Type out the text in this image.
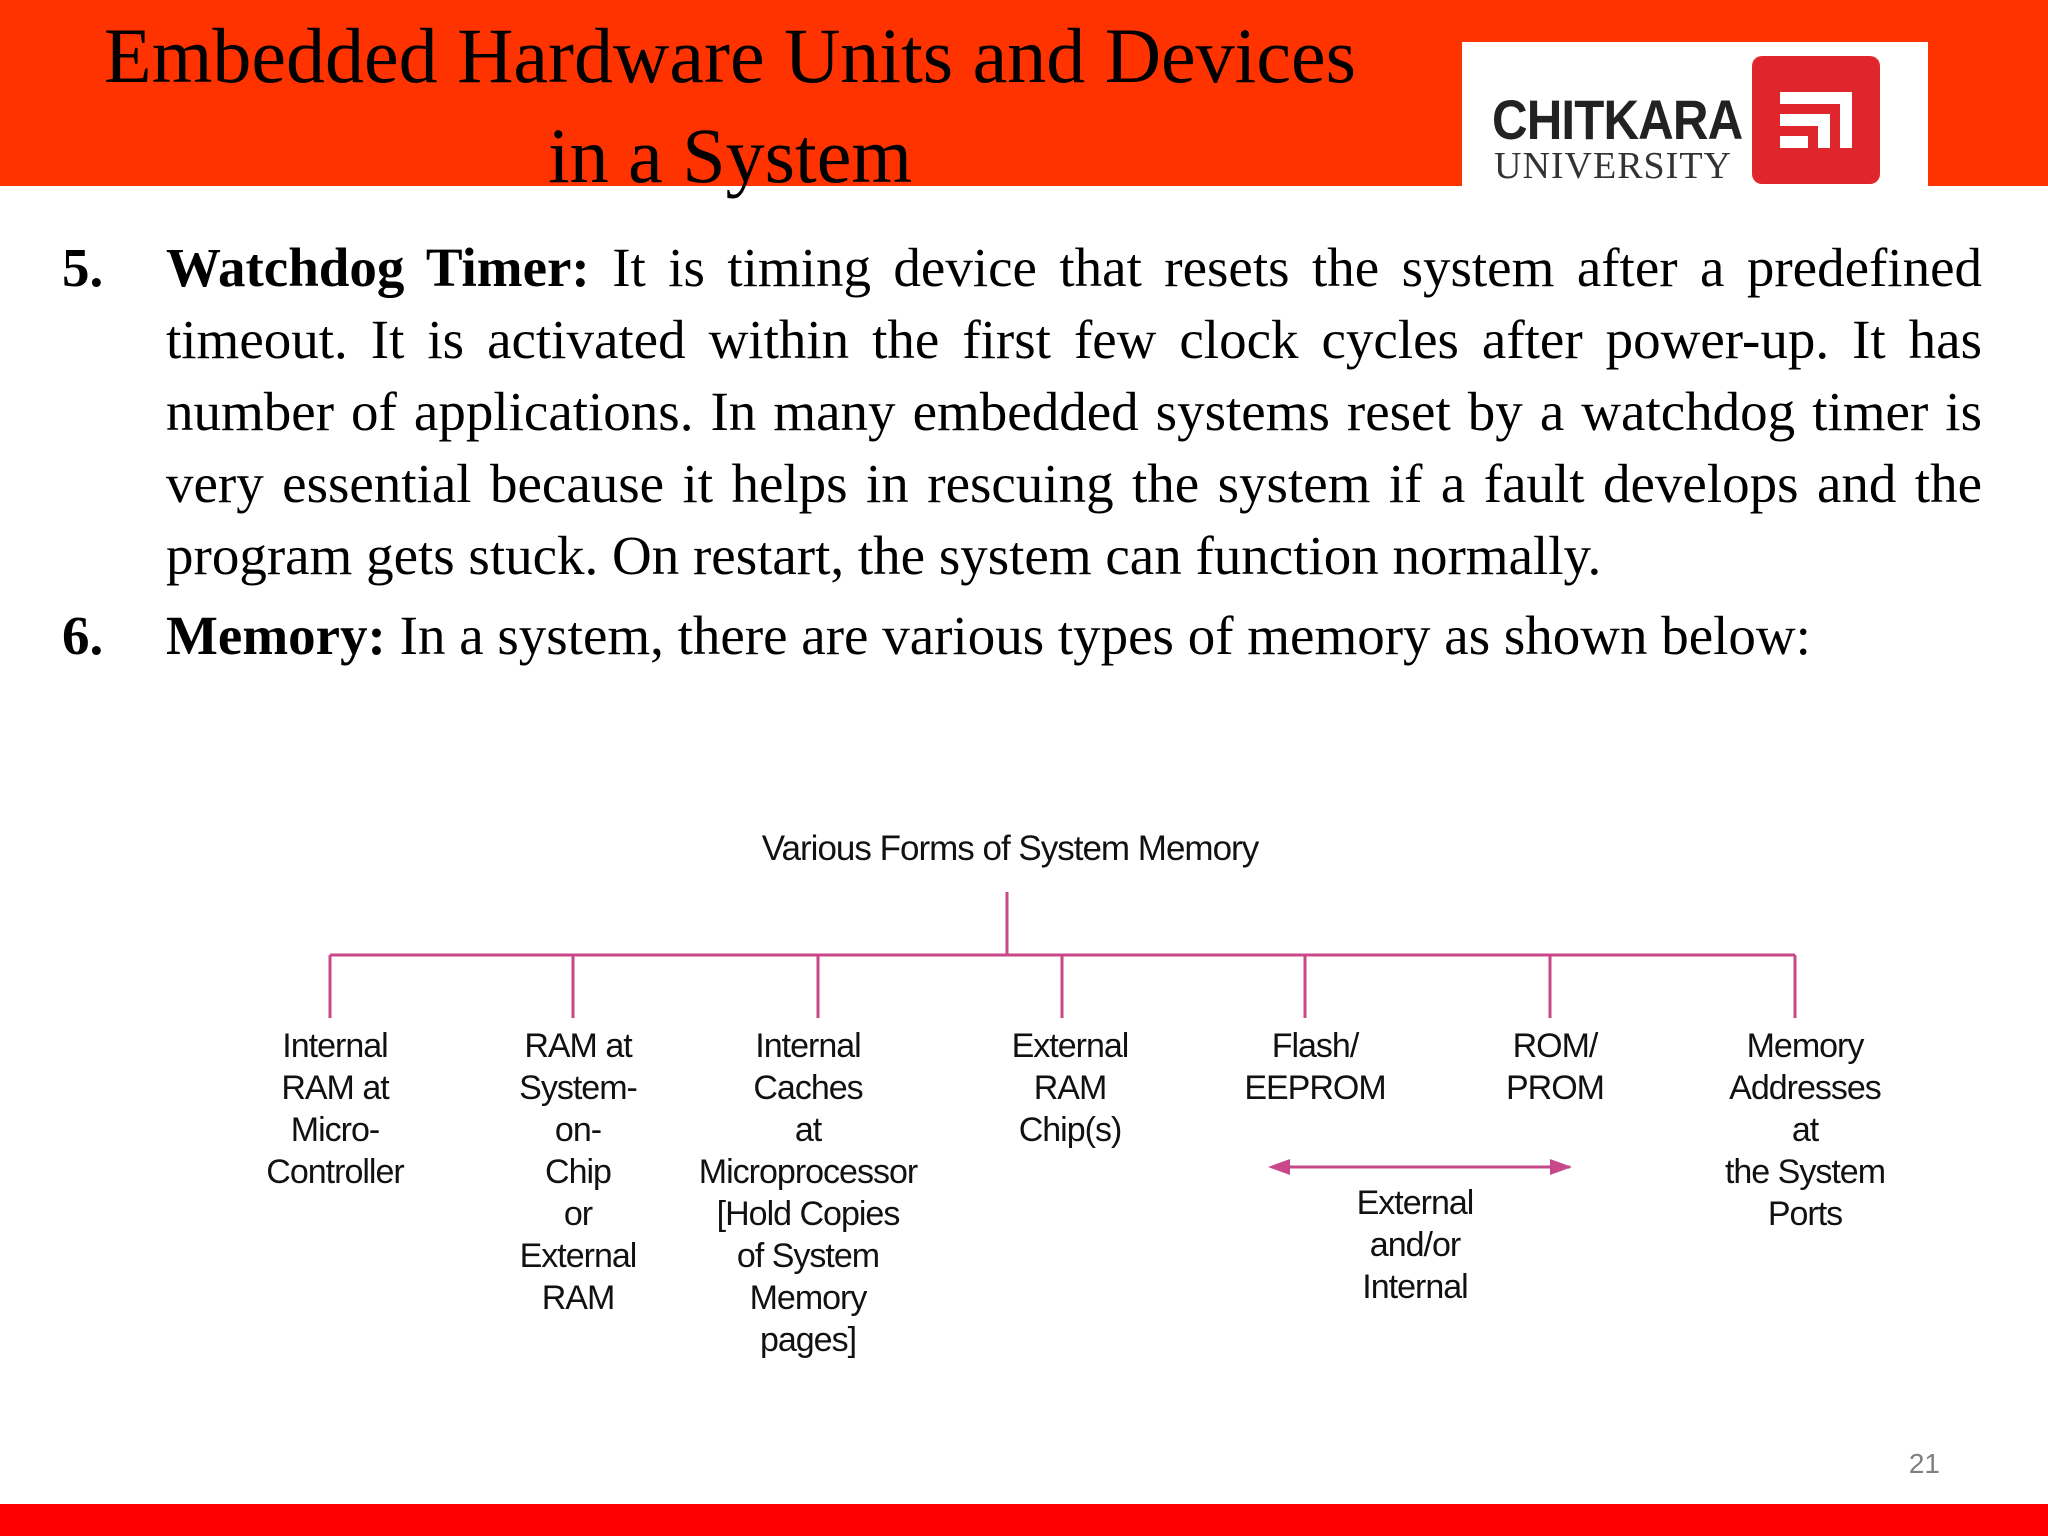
Embedded Hardware Units and Devices
in a System	CHITKARA
UNIVERSITY
5. Watchdog Timer: It is timing device that resets the system after a predefined timeout. It is activated within the first few clock cycles after power-up. It has number of applications. In many embedded systems reset by a watchdog timer is very essential because it helps in rescuing the system if a fault develops and the program gets stuck. On restart, the system can function normally.
6. Memory: In a system, there are various types of memory as shown below:
Various Forms of System Memory
Internal
RAM at
Micro-
Controller
RAM at
System-
on-
Chip
or
External
RAM
Internal
Caches
at
Microprocessor
[Hold Copies
of System
Memory
pages]
External
RAM
Chip(s)
Flash/
EEPROM
ROM/
PROM
Memory
Addresses
at
the System
Ports
External
and/or
Internal
21
